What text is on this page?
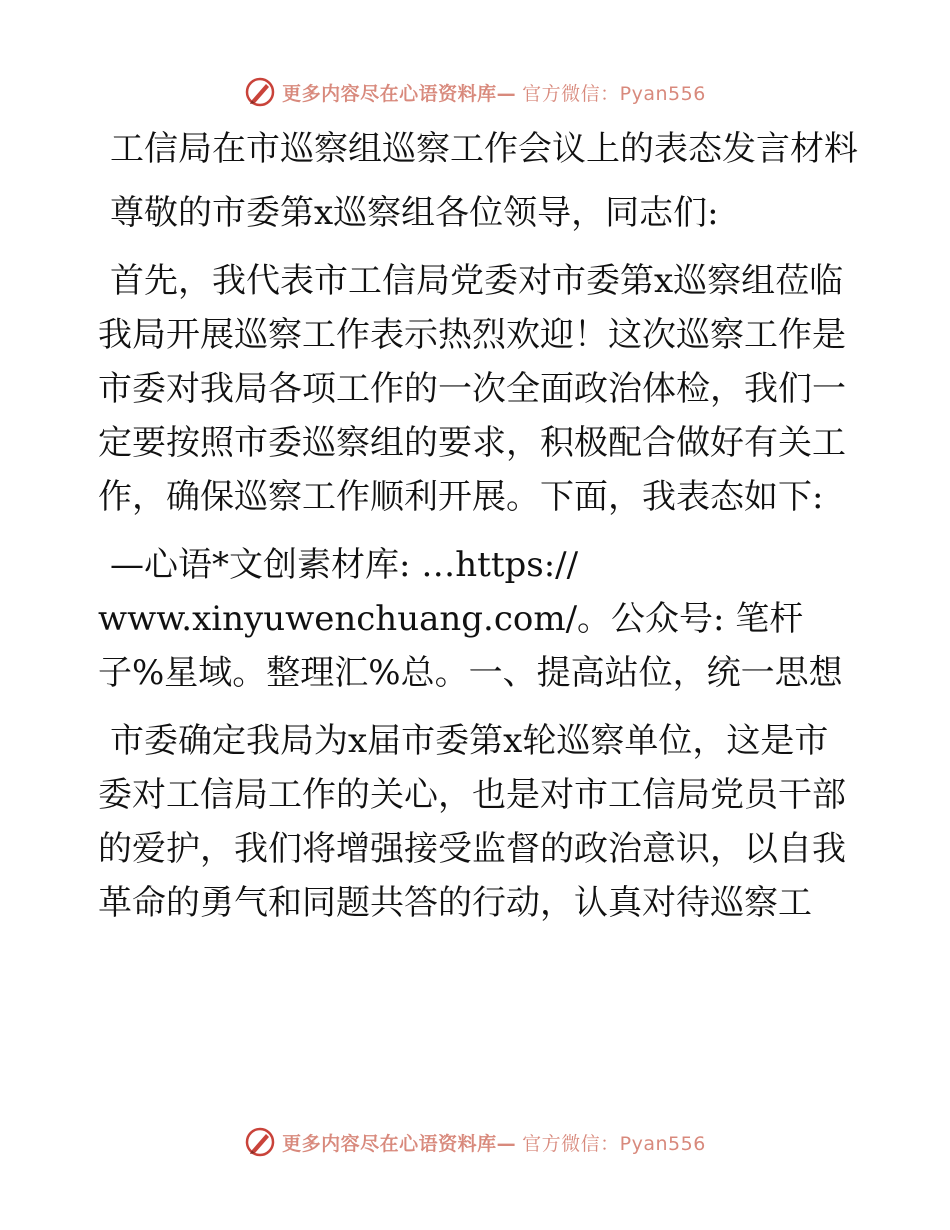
更多内容尽在心语资料库— 官方微信：Pyan556

工信局在市巡察组巡察工作会议上的表态发言材料

尊敬的市委第x巡察组各位领导，同志们:

首先，我代表市工信局党委对市委第x巡察组莅临我局开展巡察工作表示热烈欢迎！这次巡察工作是市委对我局各项工作的一次全面政治体检，我们一定要按照市委巡察组的要求，积极配合做好有关工作，确保巡察工作顺利开展。下面，我表态如下:

—心语*文创素材库: …https://
www.xinyuwenchuang.com/。公众号: 笔杆子%星域。整理汇%总。一、提高站位，统一思想

市委确定我局为x届市委第x轮巡察单位，这是市委对工信局工作的关心，也是对市工信局党员干部的爱护，我们将增强接受监督的政治意识，以自我革命的勇气和同题共答的行动，认真对待巡察工

更多内容尽在心语资料库— 官方微信：Pyan556
